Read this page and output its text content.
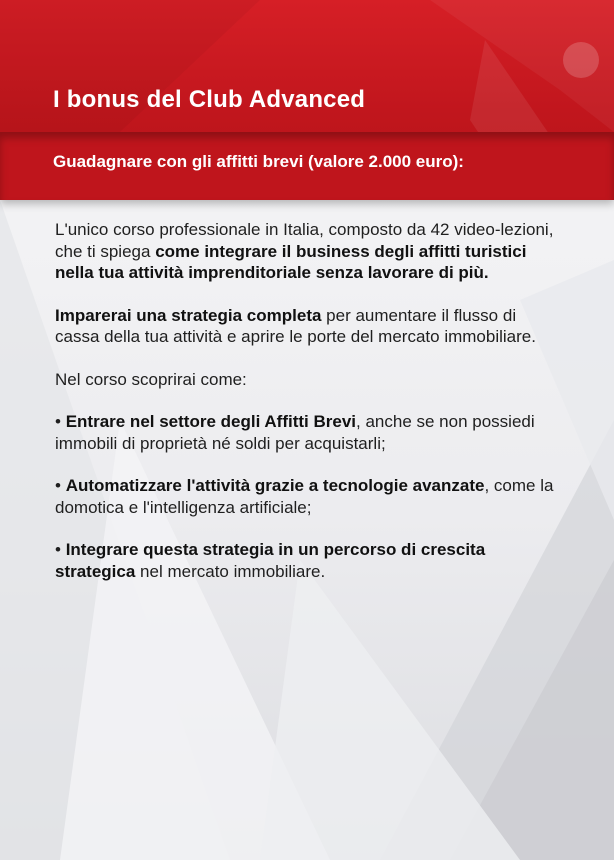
I bonus del Club Advanced
Guadagnare con gli affitti brevi (valore 2.000 euro):

L'unico corso professionale in Italia, composto da 42 video-lezioni, che ti spiega come integrare il business degli affitti turistici nella tua attività imprenditoriale senza lavorare di più.

Imparerai una strategia completa per aumentare il flusso di cassa della tua attività e aprire le porte del mercato immobiliare.

Nel corso scoprirai come:

• Entrare nel settore degli Affitti Brevi, anche se non possiedi immobili di proprietà né soldi per acquistarli;

• Automatizzare l'attività grazie a tecnologie avanzate, come la domotica e l'intelligenza artificiale;

• Integrare questa strategia in un percorso di crescita strategica nel mercato immobiliare.
